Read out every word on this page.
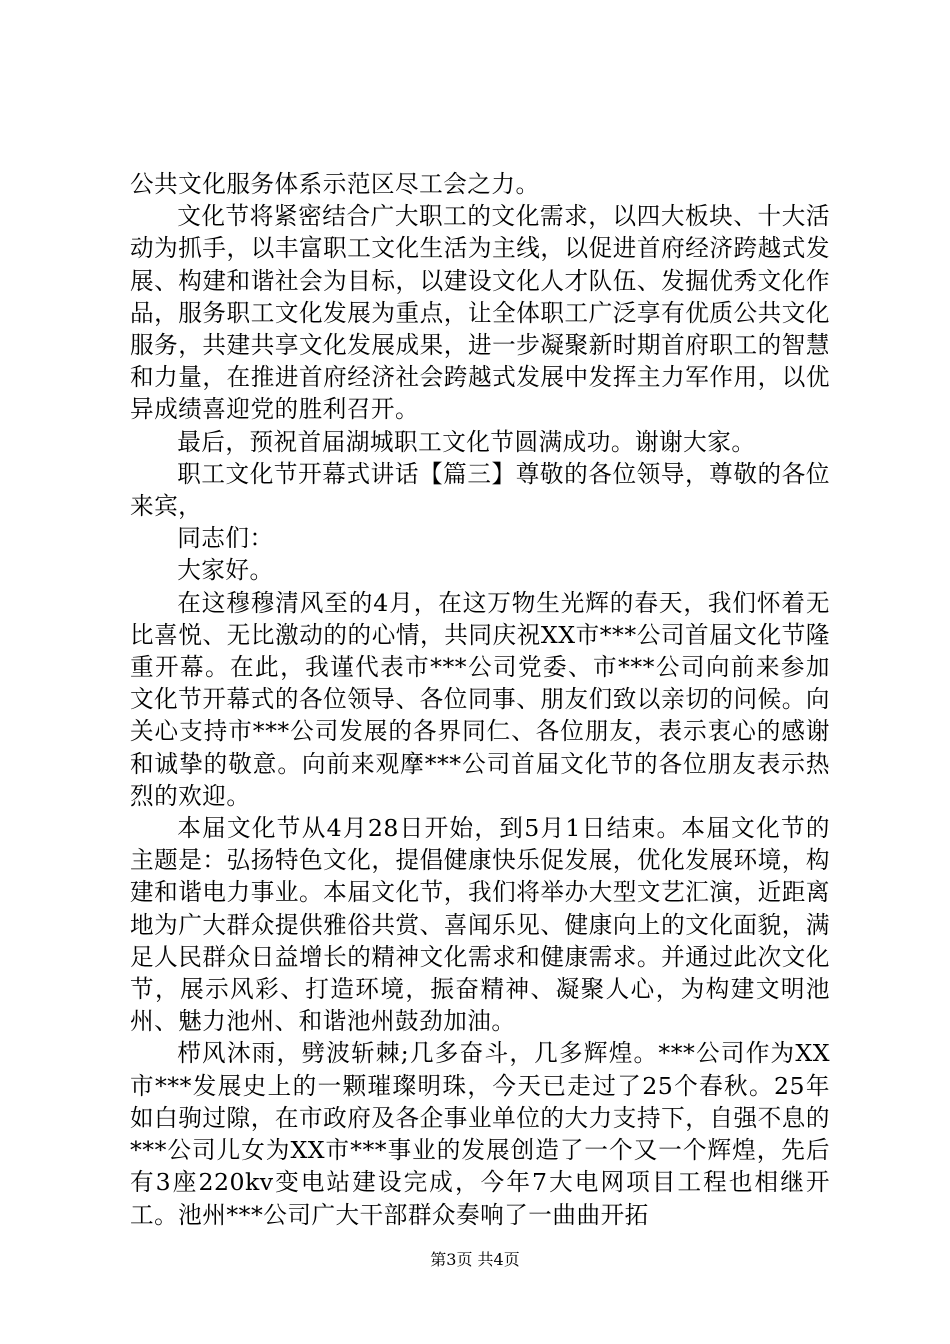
公共文化服务体系示范区尽工会之力。

文化节将紧密结合广大职工的文化需求，以四大板块、十大活动为抓手，以丰富职工文化生活为主线，以促进首府经济跨越式发展、构建和谐社会为目标，以建设文化人才队伍、发掘优秀文化作品，服务职工文化发展为重点，让全体职工广泛享有优质公共文化服务，共建共享文化发展成果，进一步凝聚新时期首府职工的智慧和力量，在推进首府经济社会跨越式发展中发挥主力军作用，以优异成绩喜迎党的胜利召开。

最后，预祝首届湖城职工文化节圆满成功。谢谢大家。

职工文化节开幕式讲话【篇三】尊敬的各位领导，尊敬的各位来宾，

同志们：

大家好。

在这穆穆清风至的4月，在这万物生光辉的春天，我们怀着无比喜悦、无比激动的的心情，共同庆祝XX市***公司首届文化节隆重开幕。在此，我谨代表市***公司党委、市***公司向前来参加文化节开幕式的各位领导、各位同事、朋友们致以亲切的问候。向关心支持市***公司发展的各界同仁、各位朋友，表示衷心的感谢和诚挚的敬意。向前来观摩***公司首届文化节的各位朋友表示热烈的欢迎。

本届文化节从4月28日开始，到5月1日结束。本届文化节的主题是：弘扬特色文化，提倡健康快乐促发展，优化发展环境，构建和谐电力事业。本届文化节，我们将举办大型文艺汇演，近距离地为广大群众提供雅俗共赏、喜闻乐见、健康向上的文化面貌，满足人民群众日益增长的精神文化需求和健康需求。并通过此次文化节，展示风彩、打造环境，振奋精神、凝聚人心，为构建文明池州、魅力池州、和谐池州鼓劲加油。

栉风沐雨，劈波斩棘;几多奋斗，几多辉煌。***公司作为XX市***发展史上的一颗璀璨明珠，今天已走过了25个春秋。25年如白驹过隙，在市政府及各企事业单位的大力支持下，自强不息的***公司儿女为XX市***事业的发展创造了一个又一个辉煌，先后有3座220kv变电站建设完成，今年7大电网项目工程也相继开工。池州***公司广大干部群众奏响了一曲曲开拓

第3页 共4页
